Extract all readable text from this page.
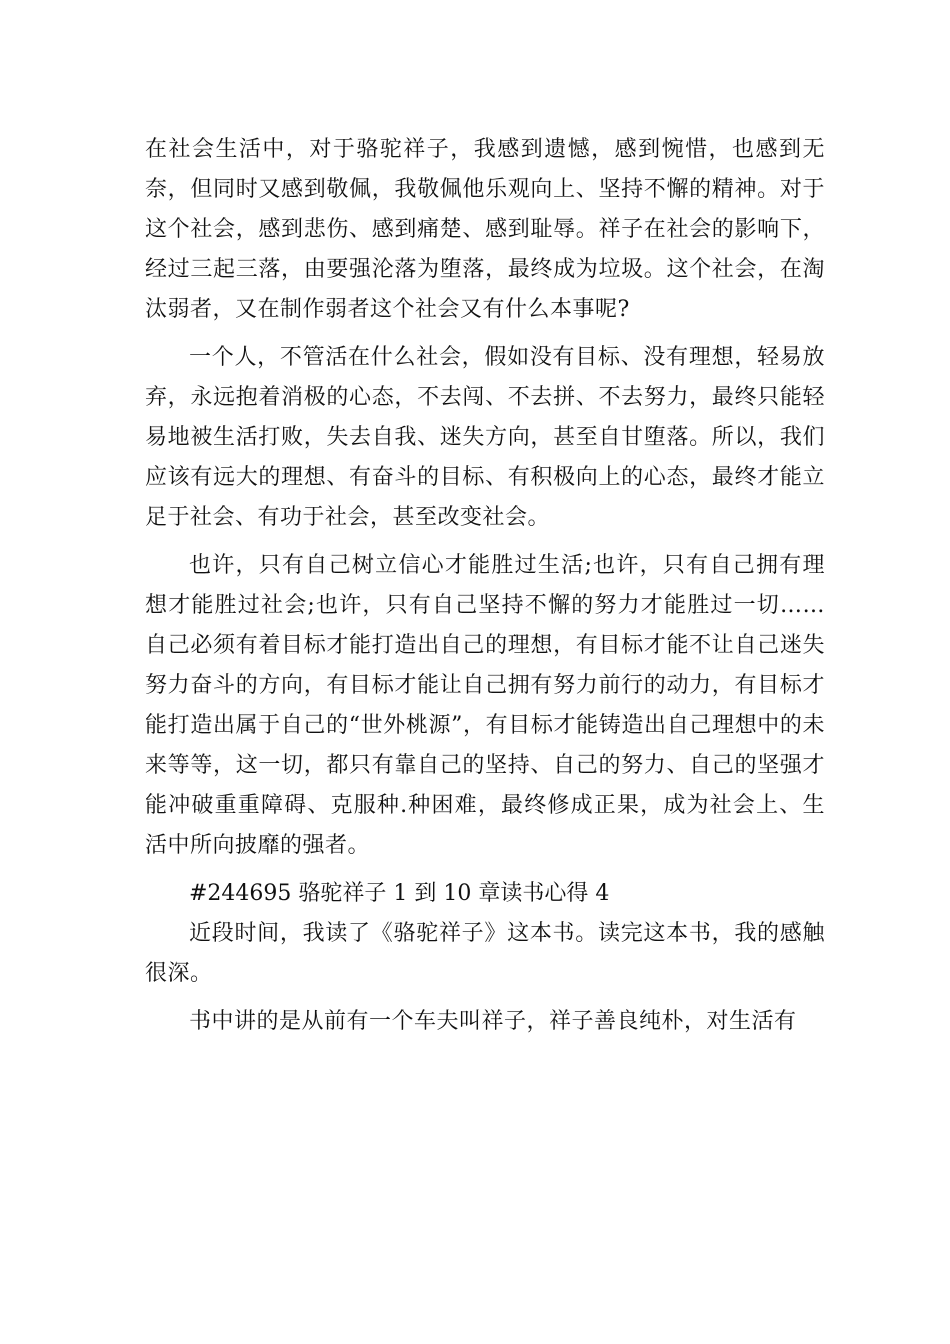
在社会生活中，对于骆驼祥子，我感到遗憾，感到惋惜，也感到无奈，但同时又感到敬佩，我敬佩他乐观向上、坚持不懈的精神。对于这个社会，感到悲伤、感到痛楚、感到耻辱。祥子在社会的影响下，经过三起三落，由要强沦落为堕落，最终成为垃圾。这个社会，在淘汰弱者，又在制作弱者这个社会又有什么本事呢?

一个人，不管活在什么社会，假如没有目标、没有理想，轻易放弃，永远抱着消极的心态，不去闯、不去拼、不去努力，最终只能轻易地被生活打败，失去自我、迷失方向，甚至自甘堕落。所以，我们应该有远大的理想、有奋斗的目标、有积极向上的心态，最终才能立足于社会、有功于社会，甚至改变社会。

也许，只有自己树立信心才能胜过生活;也许，只有自己拥有理想才能胜过社会;也许，只有自己坚持不懈的努力才能胜过一切……自己必须有着目标才能打造出自己的理想，有目标才能不让自己迷失努力奋斗的方向，有目标才能让自己拥有努力前行的动力，有目标才能打造出属于自己的“世外桃源”，有目标才能铸造出自己理想中的未来等等，这一切，都只有靠自己的坚持、自己的努力、自己的坚强才能冲破重重障碍、克服种.种困难，最终修成正果，成为社会上、生活中所向披靡的强者。

#244695 骆驼祥子 1 到 10 章读书心得 4

近段时间，我读了《骆驼祥子》这本书。读完这本书，我的感触很深。

书中讲的是从前有一个车夫叫祥子，祥子善良纯朴，对生活有
